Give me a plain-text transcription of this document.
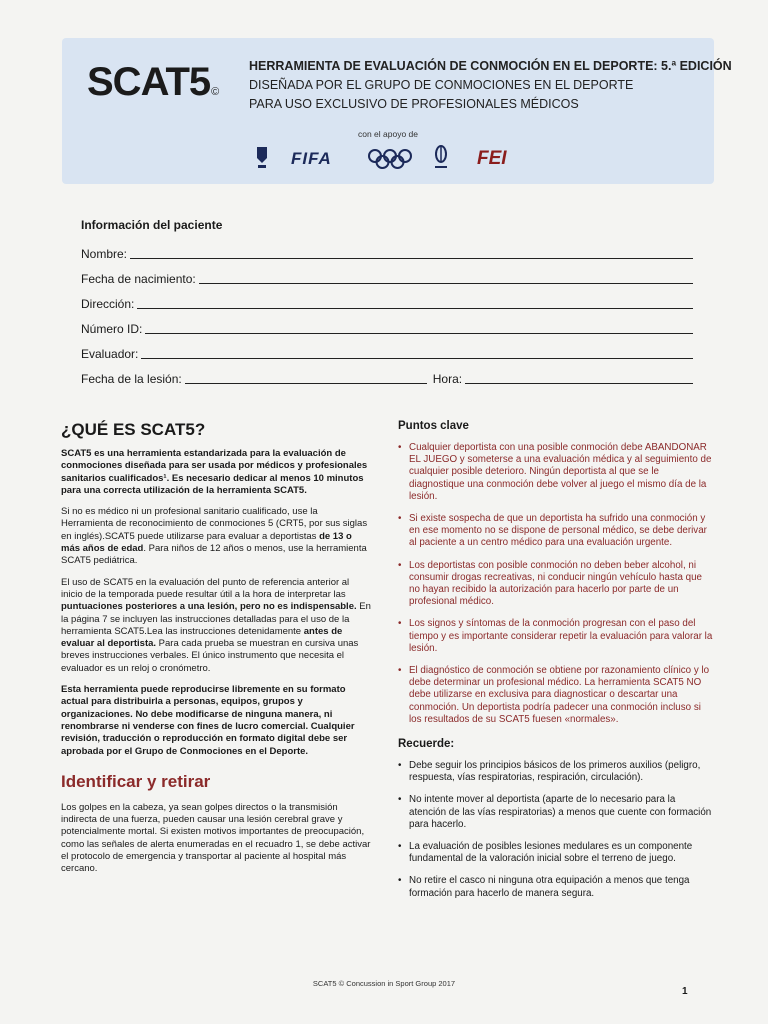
SCAT5©
HERRAMIENTA DE EVALUACIÓN DE CONMOCIÓN EN EL DEPORTE: 5.ª EDICIÓN
DISEÑADA POR EL GRUPO DE CONMOCIONES EN EL DEPORTE
PARA USO EXCLUSIVO DE PROFESIONALES MÉDICOS
con el apoyo de
FIFA	FEI
Información del paciente
Nombre:
Fecha de nacimiento:
Dirección:
Número ID:
Evaluador:
Fecha de la lesión:	Hora:
¿QUÉ ES SCAT5?
SCAT5 es una herramienta estandarizada para la evaluación de conmociones diseñada para ser usada por médicos y profesionales sanitarios cualificados¹. Es necesario dedicar al menos 10 minutos para una correcta utilización de la herramienta SCAT5.
Si no es médico ni un profesional sanitario cualificado, use la Herramienta de reconocimiento de conmociones 5 (CRT5, por sus siglas en inglés).SCAT5 puede utilizarse para evaluar a deportistas de 13 o más años de edad. Para niños de 12 años o menos, use la herramienta SCAT5 pediátrica.
El uso de SCAT5 en la evaluación del punto de referencia anterior al inicio de la temporada puede resultar útil a la hora de interpretar las puntuaciones posteriores a una lesión, pero no es indispensable. En la página 7 se incluyen las instrucciones detalladas para el uso de la herramienta SCAT5.Lea las instrucciones detenidamente antes de evaluar al deportista. Para cada prueba se muestran en cursiva unas breves instrucciones verbales. El único instrumento que necesita el evaluador es un reloj o cronómetro.
Esta herramienta puede reproducirse libremente en su formato actual para distribuirla a personas, equipos, grupos y organizaciones. No debe modificarse de ninguna manera, ni renombrarse ni venderse con fines de lucro comercial. Cualquier revisión, traducción o reproducción en formato digital debe ser aprobada por el Grupo de Conmociones en el Deporte.
Identificar y retirar
Los golpes en la cabeza, ya sean golpes directos o la transmisión indirecta de una fuerza, pueden causar una lesión cerebral grave y potencialmente mortal. Si existen motivos importantes de preocupación, como las señales de alerta enumeradas en el recuadro 1, se debe activar el protocolo de emergencia y transportar al paciente al hospital más cercano.
Puntos clave
• Cualquier deportista con una posible conmoción debe ABANDONAR EL JUEGO y someterse a una evaluación médica y al seguimiento de cualquier posible deterioro. Ningún deportista al que se le diagnostique una conmoción debe volver al juego el mismo día de la lesión.
• Si existe sospecha de que un deportista ha sufrido una conmoción y en ese momento no se dispone de personal médico, se debe derivar al paciente a un centro médico para una evaluación urgente.
• Los deportistas con posible conmoción no deben beber alcohol, ni consumir drogas recreativas, ni conducir ningún vehículo hasta que no hayan recibido la autorización para hacerlo por parte de un profesional médico.
• Los signos y síntomas de la conmoción progresan con el paso del tiempo y es importante considerar repetir la evaluación para valorar la lesión.
• El diagnóstico de conmoción se obtiene por razonamiento clínico y lo debe determinar un profesional médico. La herramienta SCAT5 NO debe utilizarse en exclusiva para diagnosticar o descartar una conmoción. Un deportista podría padecer una conmoción incluso si los resultados de su SCAT5 fuesen «normales».
Recuerde:
• Debe seguir los principios básicos de los primeros auxilios (peligro, respuesta, vías respiratorias, respiración, circulación).
• No intente mover al deportista (aparte de lo necesario para la atención de las vías respiratorias) a menos que cuente con formación para hacerlo.
• La evaluación de posibles lesiones medulares es un componente fundamental de la valoración inicial sobre el terreno de juego.
• No retire el casco ni ninguna otra equipación a menos que tenga formación para hacerlo de manera segura.
SCAT5 © Concussion in Sport Group 2017
1
